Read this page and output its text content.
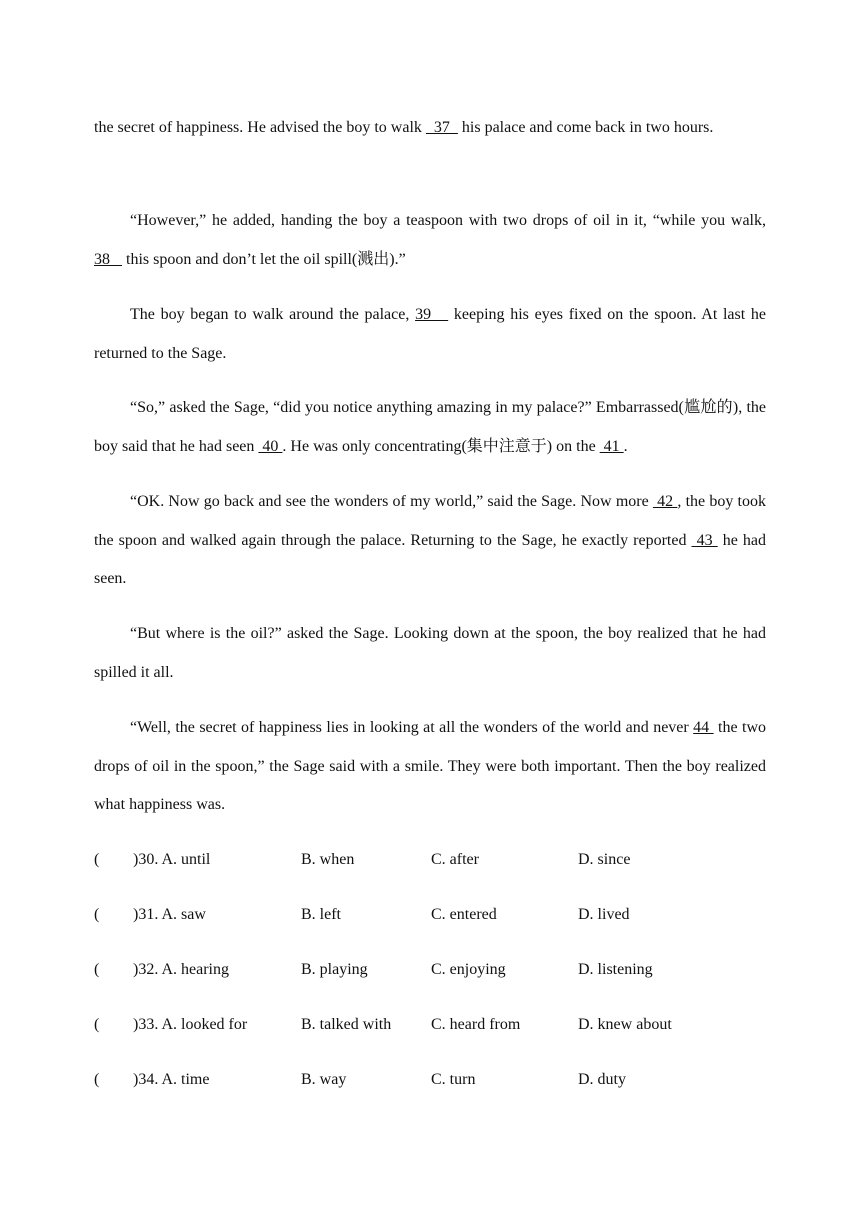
the secret of happiness. He advised the boy to walk   37   his palace and come back in two hours.

“However,” he added, handing the boy a teaspoon with two drops of oil in it, “while you walk, 38    this spoon and don’t let the oil spill(溅出).”

The boy began to walk around the palace, 39    keeping his eyes fixed on the spoon. At last he returned to the Sage.

“So,” asked the Sage, “did you notice anything amazing in my palace?” Embarrassed(尴尬的), the boy said that he had seen  40 . He was only concentrating(集中注意于) on the  41 .

“OK. Now go back and see the wonders of my world,” said the Sage. Now more  42 , the boy took the spoon and walked again through the palace. Returning to the Sage, he exactly reported  43  he had seen.

“But where is the oil?” asked the Sage. Looking down at the spoon, the boy realized that he had spilled it all.

“Well, the secret of happiness lies in looking at all the wonders of the world and never 44  the two drops of oil in the spoon,” the Sage said with a smile. They were both important. Then the boy realized what happiness was.

( )30. A. until	B. when	C. after	D. since
( )31. A. saw	B. left	C. entered	D. lived
( )32. A. hearing	B. playing	C. enjoying	D. listening
( )33. A. looked for	B. talked with C. heard from	D. knew about
( )34. A. time	B. way	C. turn	D. duty
